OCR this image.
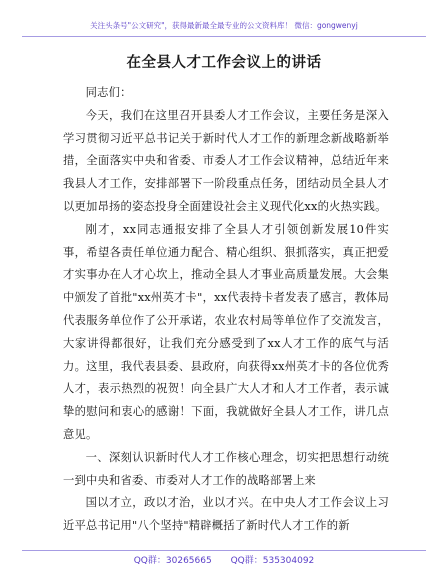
关注头条号"公文研究"，获得最新最全最专业的公文资料库！ 微信：gongwenyj
在全县人才工作会议上的讲话

同志们：

今天，我们在这里召开县委人才工作会议，主要任务是深入学习贯彻习近平总书记关于新时代人才工作的新理念新战略新举措，全面落实中央和省委、市委人才工作会议精神，总结近年来我县人才工作，安排部署下一阶段重点任务，团结动员全县人才以更加昂扬的姿态投身全面建设社会主义现代化xx的火热实践。

刚才，xx同志通报安排了全县人才引领创新发展10件实事，希望各责任单位通力配合、精心组织、狠抓落实，真正把爱才实事办在人才心坎上，推动全县人才事业高质量发展。大会集中颁发了首批"xx州英才卡"，xx代表持卡者发表了感言，教体局代表服务单位作了公开承诺，农业农村局等单位作了交流发言，大家讲得都很好，让我们充分感受到了xx人才工作的底气与活力。这里，我代表县委、县政府，向获得xx州英才卡的各位优秀人才，表示热烈的祝贺！向全县广大人才和人才工作者，表示诚挚的慰问和衷心的感谢！下面，我就做好全县人才工作，讲几点意见。

一、深刻认识新时代人才工作核心理念，切实把思想行动统一到中央和省委、市委对人才工作的战略部署上来

国以才立，政以才治，业以才兴。在中央人才工作会议上习近平总书记用"八个坚持"精辟概括了新时代人才工作的新

QQ群：30265665 QQ群：535304092
